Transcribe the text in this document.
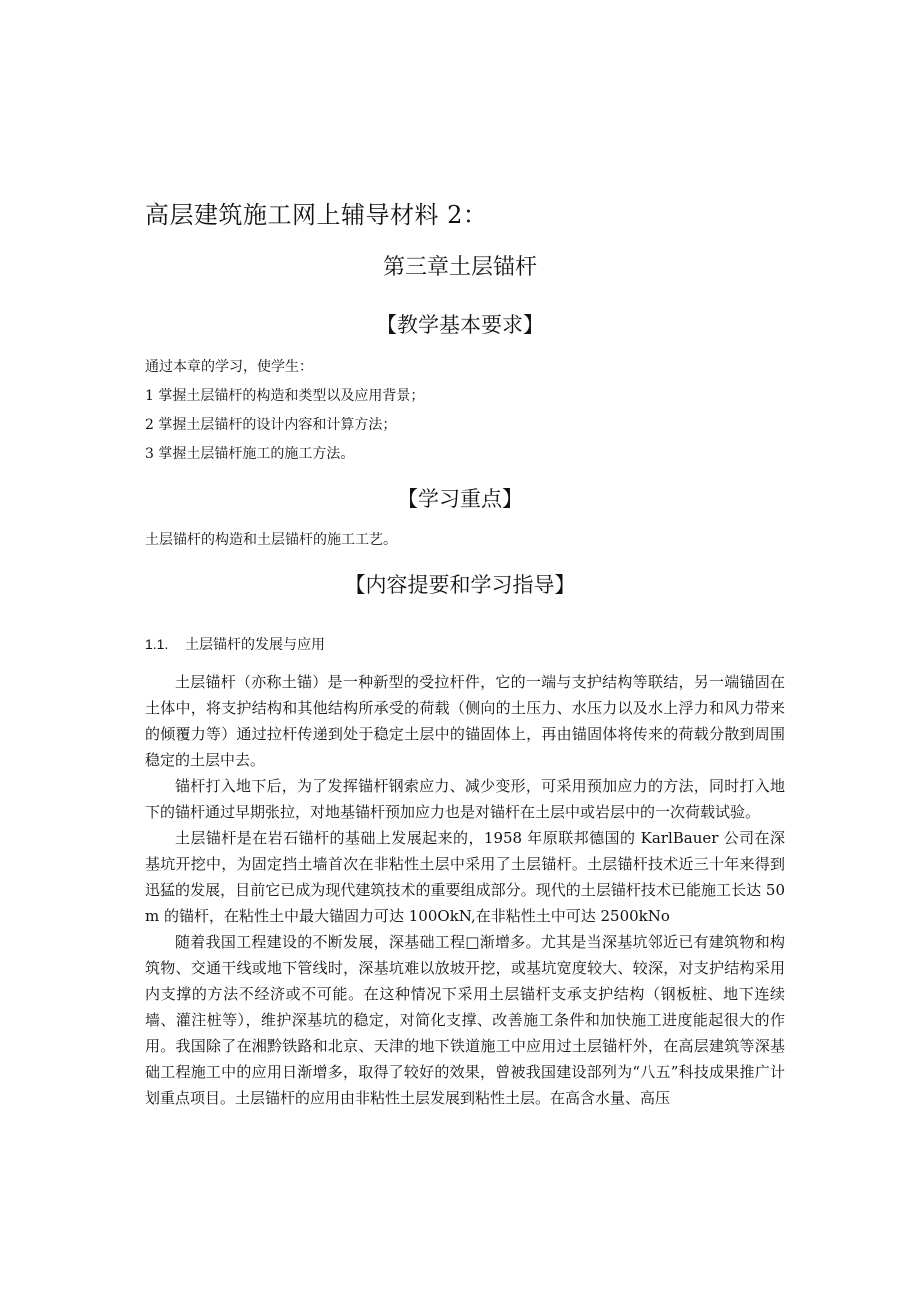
高层建筑施工网上辅导材料 2：
第三章土层锚杆
【教学基本要求】
通过本章的学习，使学生：
1 掌握土层锚杆的构造和类型以及应用背景；
2 掌握土层锚杆的设计内容和计算方法；
3 掌握土层锚杆施工的施工方法。
【学习重点】
土层锚杆的构造和土层锚杆的施工工艺。
【内容提要和学习指导】
1.1. 土层锚杆的发展与应用
土层锚杆（亦称土锚）是一种新型的受拉杆件，它的一端与支护结构等联结，另一端锚固在土体中，将支护结构和其他结构所承受的荷载（侧向的土压力、水压力以及水上浮力和风力带来的倾覆力等）通过拉杆传递到处于稳定土层中的锚固体上，再由锚固体将传来的荷载分散到周围稳定的土层中去。
锚杆打入地下后，为了发挥锚杆钢索应力、减少变形，可采用预加应力的方法，同时打入地下的锚杆通过早期张拉，对地基锚杆预加应力也是对锚杆在土层中或岩层中的一次荷载试验。
土层锚杆是在岩石锚杆的基础上发展起来的，1958 年原联邦德国的 KarlBauer 公司在深基坑开挖中，为固定挡土墙首次在非粘性土层中采用了土层锚杆。土层锚杆技术近三十年来得到迅猛的发展，目前它已成为现代建筑技术的重要组成部分。现代的土层锚杆技术已能施工长达 50m 的锚杆，在粘性土中最大锚固力可达 100OkN,在非粘性土中可达 2500kNo
随着我国工程建设的不断发展，深基础工程□渐增多。尤其是当深基坑邻近已有建筑物和构筑物、交通干线或地下管线时，深基坑难以放坡开挖，或基坑宽度较大、较深，对支护结构采用内支撑的方法不经济或不可能。在这种情况下采用土层锚杆支承支护结构（钢板桩、地下连续墙、灌注桩等），维护深基坑的稳定，对简化支撑、改善施工条件和加快施工进度能起很大的作用。我国除了在湘黔铁路和北京、天津的地下铁道施工中应用过土层锚杆外，在高层建筑等深基础工程施工中的应用日渐增多，取得了较好的效果，曾被我国建设部列为“八五”科技成果推广计划重点项目。土层锚杆的应用由非粘性土层发展到粘性土层。在高含水量、高压
